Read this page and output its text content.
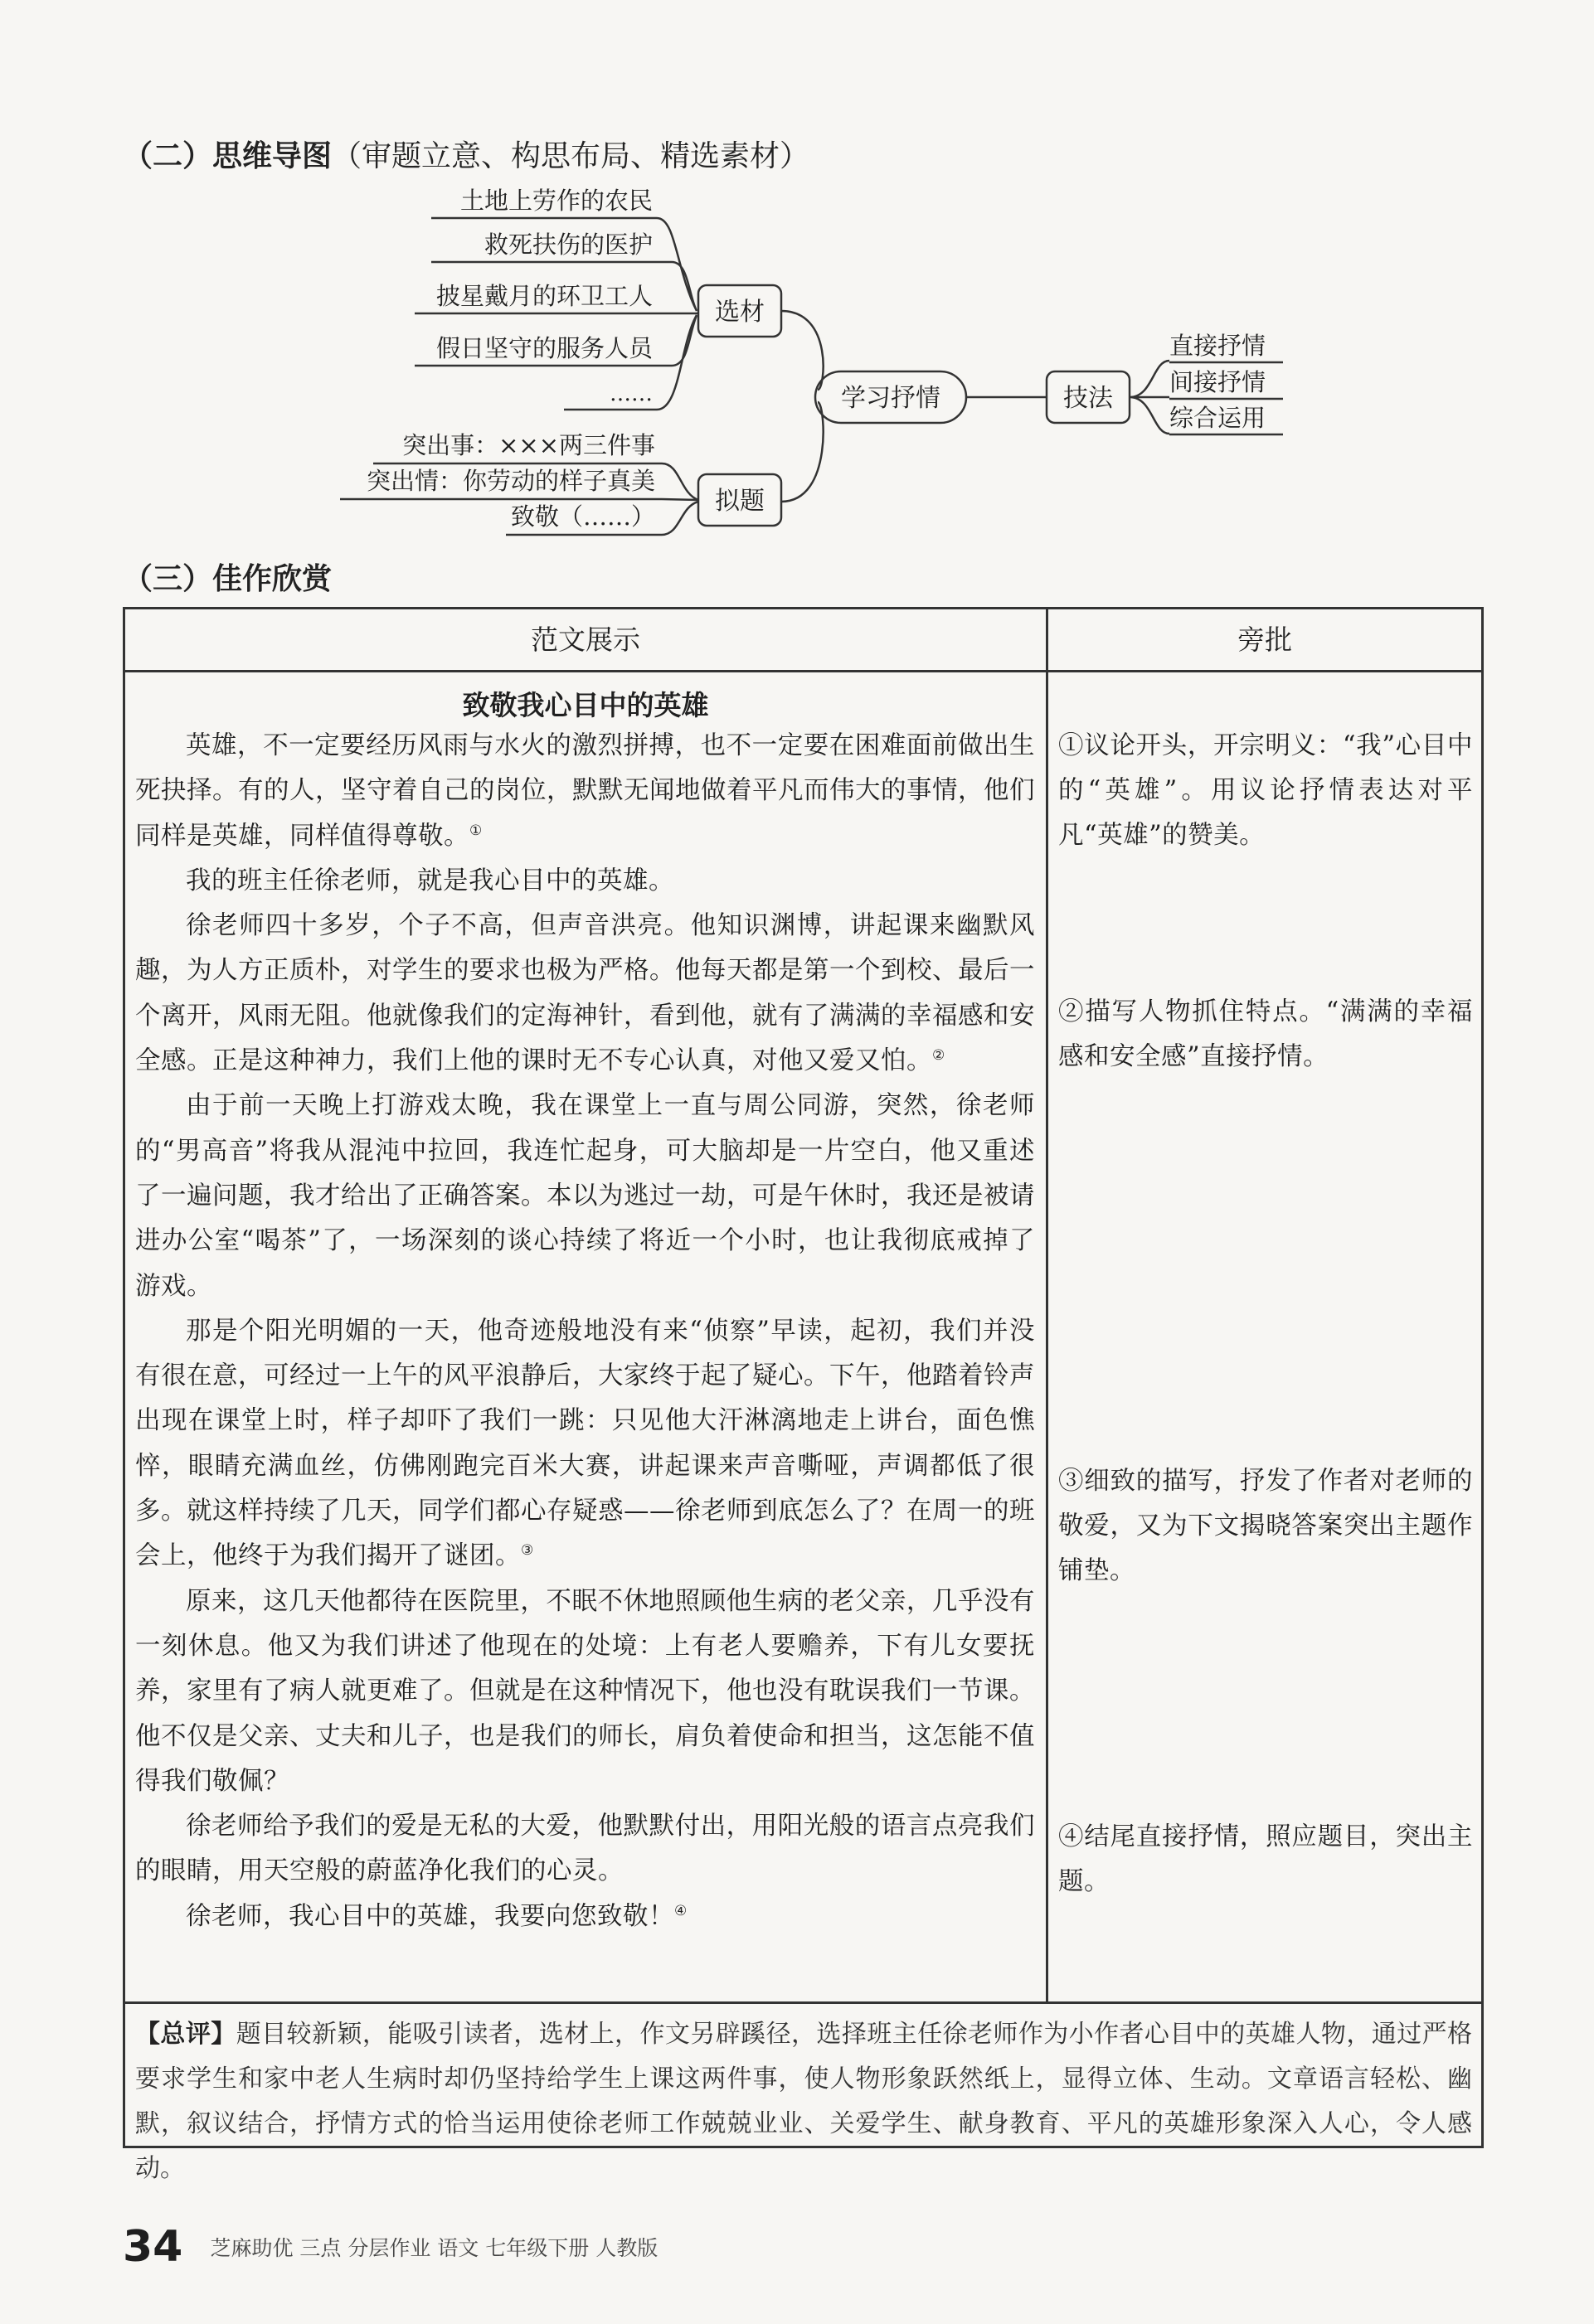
（二）思维导图（审题立意、构思布局、精选素材）
土地上劳作的农民
救死扶伤的医护
披星戴月的环卫工人
假日坚守的服务人员
……
选材
学习抒情	技法
直接抒情
间接抒情
综合运用
突出事：×××两三件事
突出情：你劳动的样子真美
致敬（……）
拟题
（三）佳作欣赏
范文展示	旁批
致敬我心目中的英雄

英雄，不一定要经历风雨与水火的激烈拼搏，也不一定要在困难面前做出生死抉择。有的人，坚守着自己的岗位，默默无闻地做着平凡而伟大的事情，他们同样是英雄，同样值得尊敬。①

我的班主任徐老师，就是我心目中的英雄。

徐老师四十多岁，个子不高，但声音洪亮。他知识渊博，讲起课来幽默风趣，为人方正质朴，对学生的要求也极为严格。他每天都是第一个到校、最后一个离开，风雨无阻。他就像我们的定海神针，看到他，就有了满满的幸福感和安全感。正是这种神力，我们上他的课时无不专心认真，对他又爱又怕。②

由于前一天晚上打游戏太晚，我在课堂上一直与周公同游，突然，徐老师的“男高音”将我从混沌中拉回，我连忙起身，可大脑却是一片空白，他又重述了一遍问题，我才给出了正确答案。本以为逃过一劫，可是午休时，我还是被请进办公室“喝茶”了，一场深刻的谈心持续了将近一个小时，也让我彻底戒掉了游戏。

那是个阳光明媚的一天，他奇迹般地没有来“侦察”早读，起初，我们并没有很在意，可经过一上午的风平浪静后，大家终于起了疑心。下午，他踏着铃声出现在课堂上时，样子却吓了我们一跳：只见他大汗淋漓地走上讲台，面色憔悴，眼睛充满血丝，仿佛刚跑完百米大赛，讲起课来声音嘶哑，声调都低了很多。就这样持续了几天，同学们都心存疑惑——徐老师到底怎么了？在周一的班会上，他终于为我们揭开了谜团。③

原来，这几天他都待在医院里，不眠不休地照顾他生病的老父亲，几乎没有一刻休息。他又为我们讲述了他现在的处境：上有老人要赡养，下有儿女要抚养，家里有了病人就更难了。但就是在这种情况下，他也没有耽误我们一节课。他不仅是父亲、丈夫和儿子，也是我们的师长，肩负着使命和担当，这怎能不值得我们敬佩？

徐老师给予我们的爱是无私的大爱，他默默付出，用阳光般的语言点亮我们的眼睛，用天空般的蔚蓝净化我们的心灵。

徐老师，我心目中的英雄，我要向您致敬！④

①议论开头，开宗明义：“我”心目中的“英雄”。用议论抒情表达对平凡“英雄”的赞美。
②描写人物抓住特点。“满满的幸福感和安全感”直接抒情。
③细致的描写，抒发了作者对老师的敬爱，又为下文揭晓答案突出主题作铺垫。
④结尾直接抒情，照应题目，突出主题。
【总评】题目较新颖，能吸引读者，选材上，作文另辟蹊径，选择班主任徐老师作为小作者心目中的英雄人物，通过严格要求学生和家中老人生病时却仍坚持给学生上课这两件事，使人物形象跃然纸上，显得立体、生动。文章语言轻松、幽默，叙议结合，抒情方式的恰当运用使徐老师工作兢兢业业、关爱学生、献身教育、平凡的英雄形象深入人心，令人感动。
34 芝麻助优 三点 分层作业 语文 七年级下册 人教版
